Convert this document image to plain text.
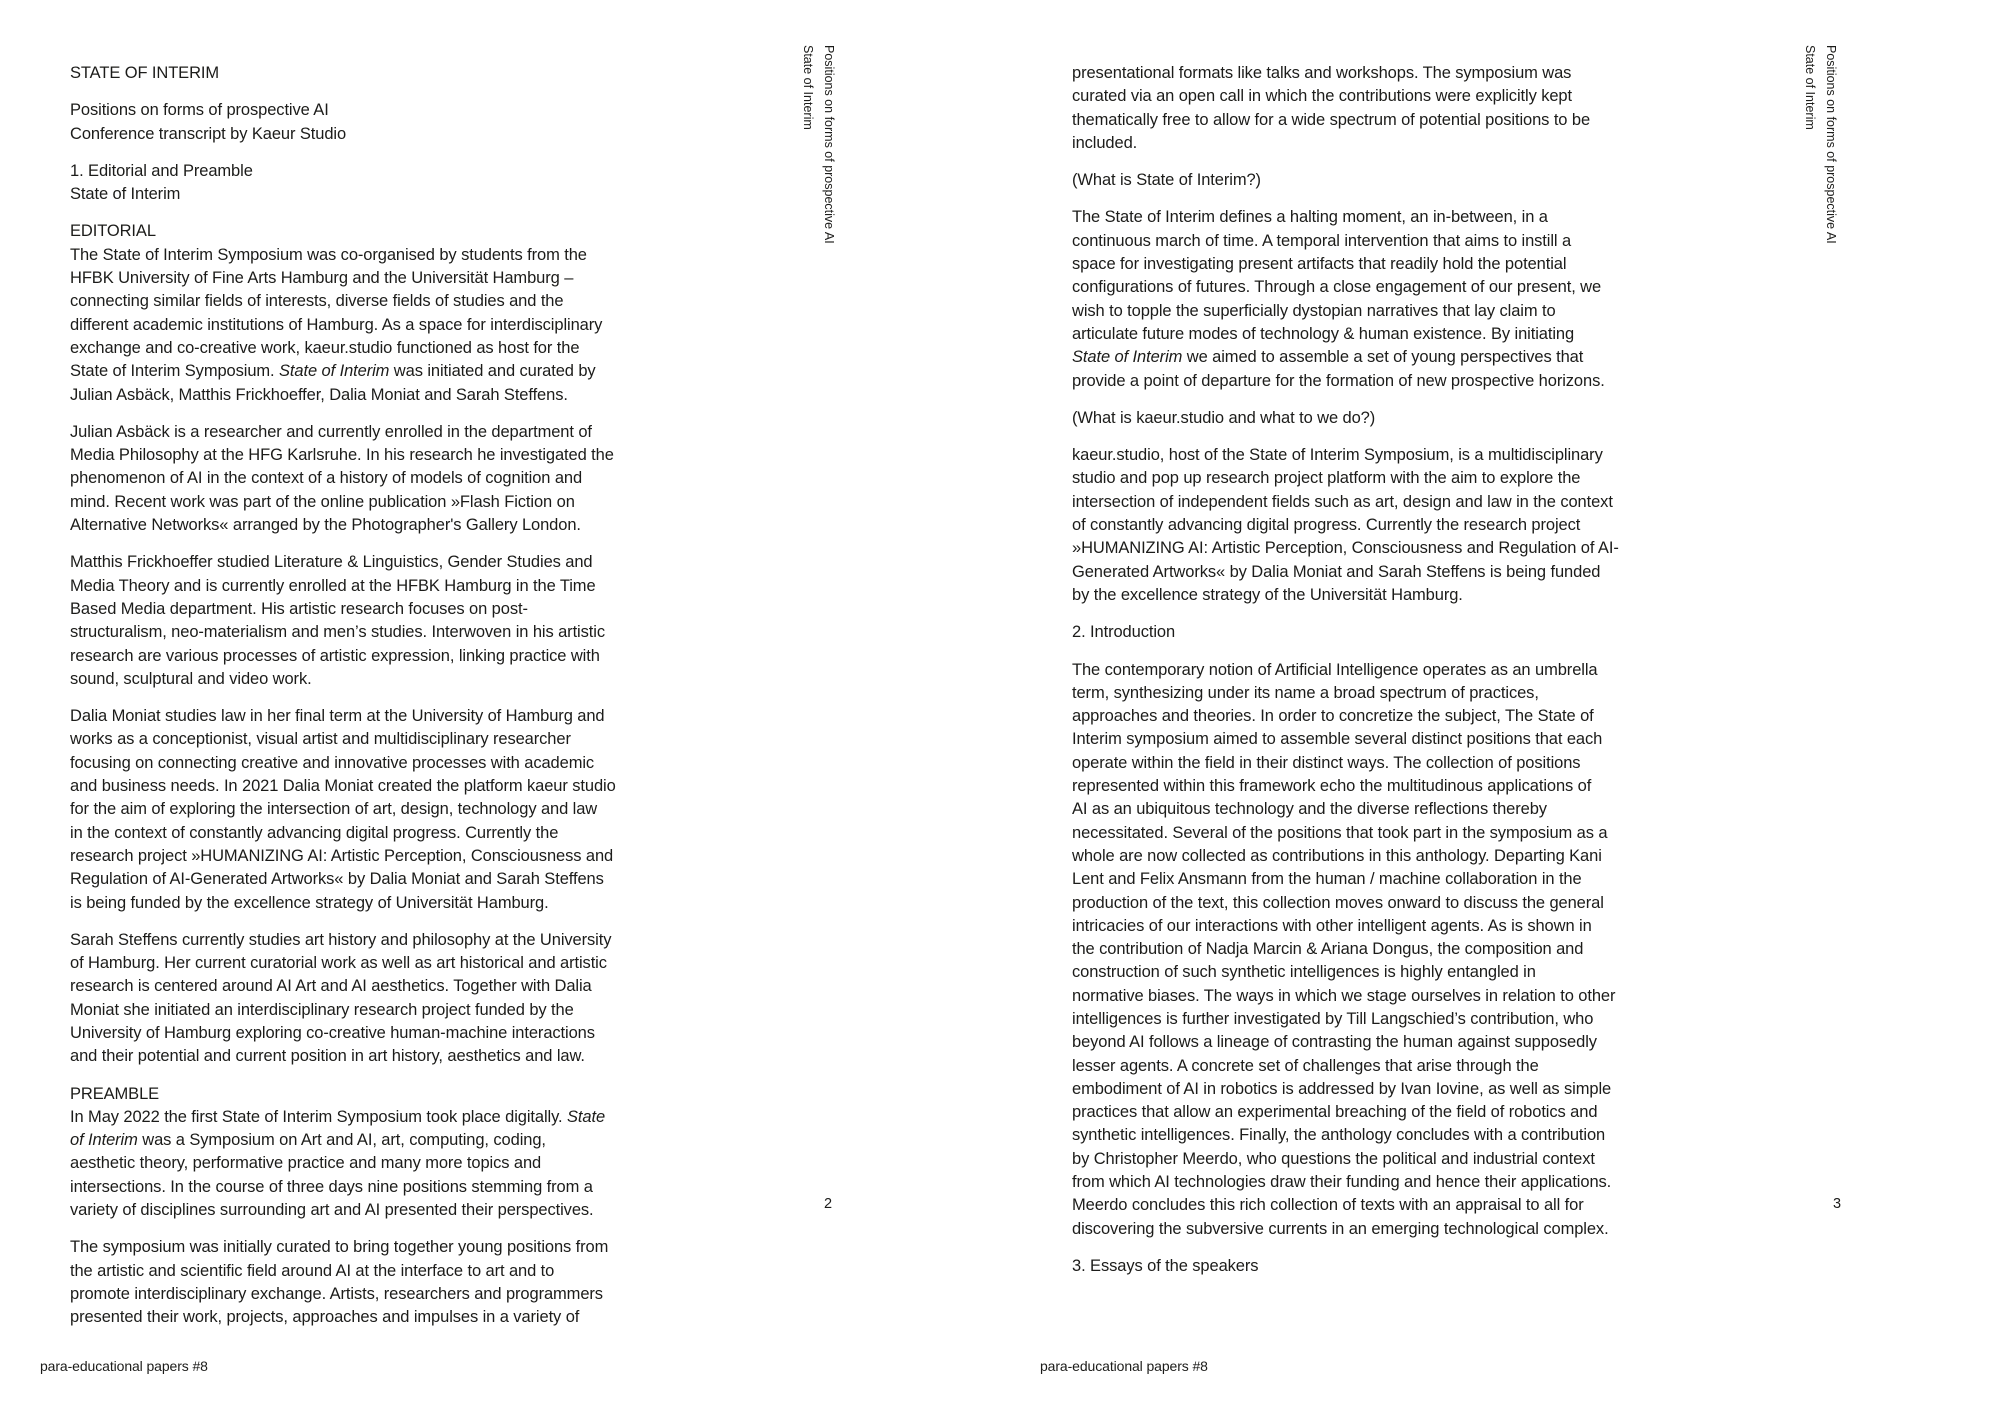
STATE OF INTERIM

Positions on forms of prospective AI
Conference transcript by Kaeur Studio

1. Editorial and Preamble
State of Interim

EDITORIAL
The State of Interim Symposium was co-organised by students from the
HFBK University of Fine Arts Hamburg and the Universität Hamburg –
connecting similar fields of interests, diverse fields of studies and the
different academic institutions of Hamburg. As a space for interdisciplinary
exchange and co-creative work, kaeur.studio functioned as host for the
State of Interim Symposium. State of Interim was initiated and curated by
Julian Asbäck, Matthis Frickhoeffer, Dalia Moniat and Sarah Steffens.

Julian Asbäck is a researcher and currently enrolled in the department of
Media Philosophy at the HFG Karlsruhe. In his research he investigated the
phenomenon of AI in the context of a history of models of cognition and
mind. Recent work was part of the online publication »Flash Fiction on
Alternative Networks« arranged by the Photographer's Gallery London.

Matthis Frickhoeffer studied Literature & Linguistics, Gender Studies and
Media Theory and is currently enrolled at the HFBK Hamburg in the Time
Based Media department. His artistic research focuses on post-
structuralism, neo-materialism and men’s studies. Interwoven in his artistic
research are various processes of artistic expression, linking practice with
sound, sculptural and video work.

Dalia Moniat studies law in her final term at the University of Hamburg and
works as a conceptionist, visual artist and multidisciplinary researcher
focusing on connecting creative and innovative processes with academic
and business needs. In 2021 Dalia Moniat created the platform kaeur studio
for the aim of exploring the intersection of art, design, technology and law
in the context of constantly advancing digital progress. Currently the
research project »HUMANIZING AI: Artistic Perception, Consciousness and
Regulation of AI-Generated Artworks« by Dalia Moniat and Sarah Steffens
is being funded by the excellence strategy of Universität Hamburg.

Sarah Steffens currently studies art history and philosophy at the University
of Hamburg. Her current curatorial work as well as art historical and artistic
research is centered around AI Art and AI aesthetics. Together with Dalia
Moniat she initiated an interdisciplinary research project funded by the
University of Hamburg exploring co-creative human-machine interactions
and their potential and current position in art history, aesthetics and law.

PREAMBLE
In May 2022 the first State of Interim Symposium took place digitally. State
of Interim was a Symposium on Art and AI, art, computing, coding,
aesthetic theory, performative practice and many more topics and
intersections. In the course of three days nine positions stemming from a
variety of disciplines surrounding art and AI presented their perspectives.

The symposium was initially curated to bring together young positions from
the artistic and scientific field around AI at the interface to art and to
promote interdisciplinary exchange. Artists, researchers and programmers
presented their work, projects, approaches and impulses in a variety of

State of Interim Positions on forms of prospective AI
2
para-educational papers #8

presentational formats like talks and workshops. The symposium was
curated via an open call in which the contributions were explicitly kept
thematically free to allow for a wide spectrum of potential positions to be
included.

(What is State of Interim?)

The State of Interim defines a halting moment, an in-between, in a
continuous march of time. A temporal intervention that aims to instill a
space for investigating present artifacts that readily hold the potential
configurations of futures. Through a close engagement of our present, we
wish to topple the superficially dystopian narratives that lay claim to
articulate future modes of technology & human existence. By initiating
State of Interim we aimed to assemble a set of young perspectives that
provide a point of departure for the formation of new prospective horizons.

(What is kaeur.studio and what to we do?)

kaeur.studio, host of the State of Interim Symposium, is a multidisciplinary
studio and pop up research project platform with the aim to explore the
intersection of independent fields such as art, design and law in the context
of constantly advancing digital progress. Currently the research project
»HUMANIZING AI: Artistic Perception, Consciousness and Regulation of AI-
Generated Artworks« by Dalia Moniat and Sarah Steffens is being funded
by the excellence strategy of the Universität Hamburg.

2. Introduction

The contemporary notion of Artificial Intelligence operates as an umbrella
term, synthesizing under its name a broad spectrum of practices,
approaches and theories. In order to concretize the subject, The State of
Interim symposium aimed to assemble several distinct positions that each
operate within the field in their distinct ways. The collection of positions
represented within this framework echo the multitudinous applications of
AI as an ubiquitous technology and the diverse reflections thereby
necessitated. Several of the positions that took part in the symposium as a
whole are now collected as contributions in this anthology. Departing Kani
Lent and Felix Ansmann from the human / machine collaboration in the
production of the text, this collection moves onward to discuss the general
intricacies of our interactions with other intelligent agents. As is shown in
the contribution of Nadja Marcin & Ariana Dongus, the composition and
construction of such synthetic intelligences is highly entangled in
normative biases. The ways in which we stage ourselves in relation to other
intelligences is further investigated by Till Langschied’s contribution, who
beyond AI follows a lineage of contrasting the human against supposedly
lesser agents. A concrete set of challenges that arise through the
embodiment of AI in robotics is addressed by Ivan Iovine, as well as simple
practices that allow an experimental breaching of the field of robotics and
synthetic intelligences. Finally, the anthology concludes with a contribution
by Christopher Meerdo, who questions the political and industrial context
from which AI technologies draw their funding and hence their applications.
Meerdo concludes this rich collection of texts with an appraisal to all for
discovering the subversive currents in an emerging technological complex.

3. Essays of the speakers

State of Interim Positions on forms of prospective AI
3
para-educational papers #8
